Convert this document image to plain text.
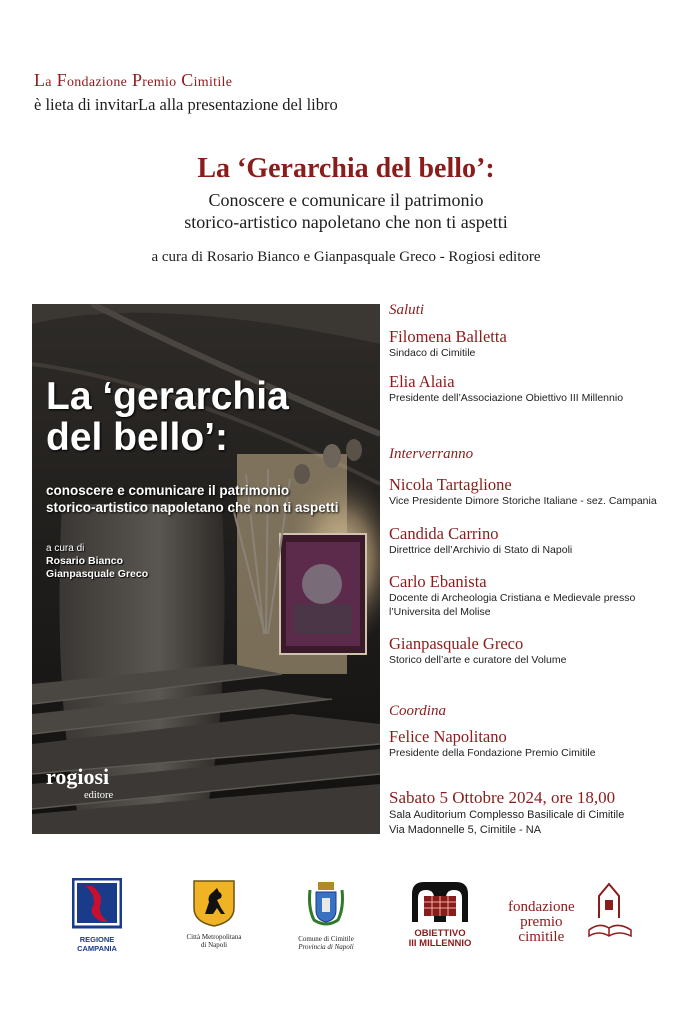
La Fondazione Premio Cimitile
è lieta di invitarLa alla presentazione del libro
La ‘Gerarchia del bello’:
Conoscere e comunicare il patrimonio
storico-artistico napoletano che non ti aspetti
a cura di Rosario Bianco e Gianpasquale Greco - Rogiosi editore
La ‘gerarchia
del bello’:
conoscere e comunicare il patrimonio
storico-artistico napoletano che non ti aspetti
a cura di
Rosario Bianco
Gianpasquale Greco
rogiosi
editore
Saluti
Filomena Balletta
Sindaco di Cimitile
Elia Alaia
Presidente dell’Associazione Obiettivo III Millennio
Interverranno
Nicola Tartaglione
Vice Presidente Dimore Storiche Italiane - sez. Campania
Candida Carrino
Direttrice dell’Archivio di Stato di Napoli
Carlo Ebanista
Docente di Archeologia Cristiana e Medievale presso
l’Universita del Molise
Gianpasquale Greco
Storico dell’arte e curatore del Volume
Coordina
Felice Napolitano
Presidente della Fondazione Premio Cimitile
Sabato 5 Ottobre 2024, ore 18,00
Sala Auditorium Complesso Basilicale di Cimitile
Via Madonnelle 5, Cimitile - NA
REGIONE CAMPANIA
Città Metropolitana
di Napoli
Comune di Cimitile
Provincia di Napoli
OBIETTIVO
III MILLENNIO
fondazione
premio
cimitile
